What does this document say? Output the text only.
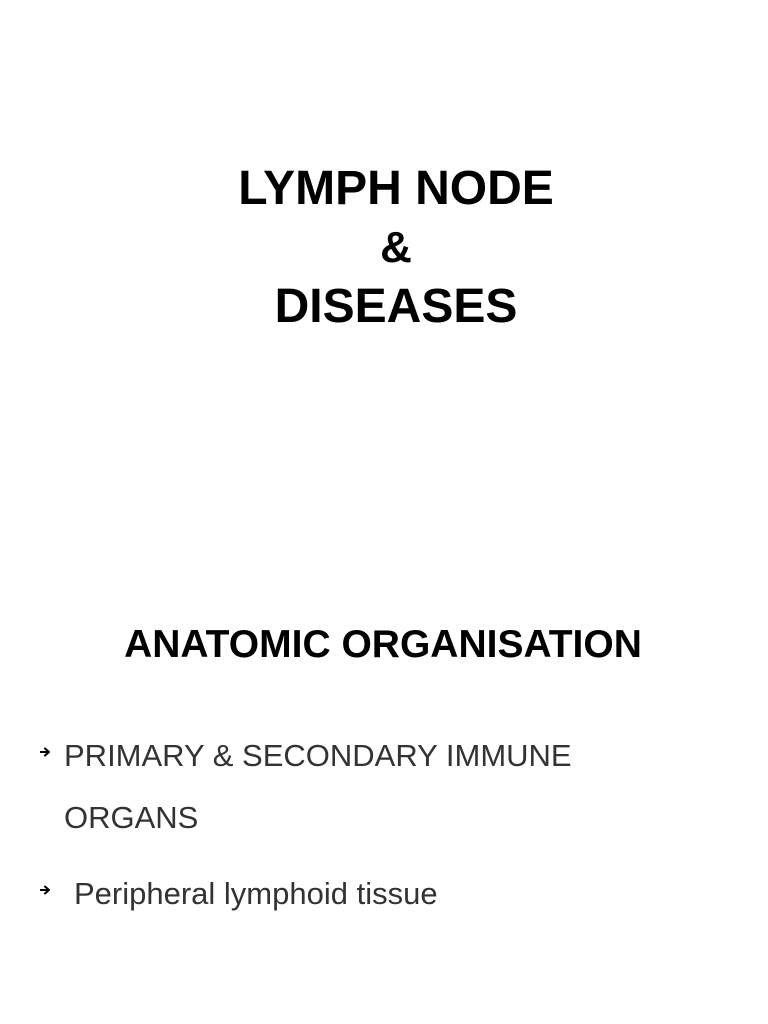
LYMPH NODE
&
DISEASES
ANATOMIC ORGANISATION
PRIMARY & SECONDARY IMMUNE ORGANS
Peripheral lymphoid tissue
